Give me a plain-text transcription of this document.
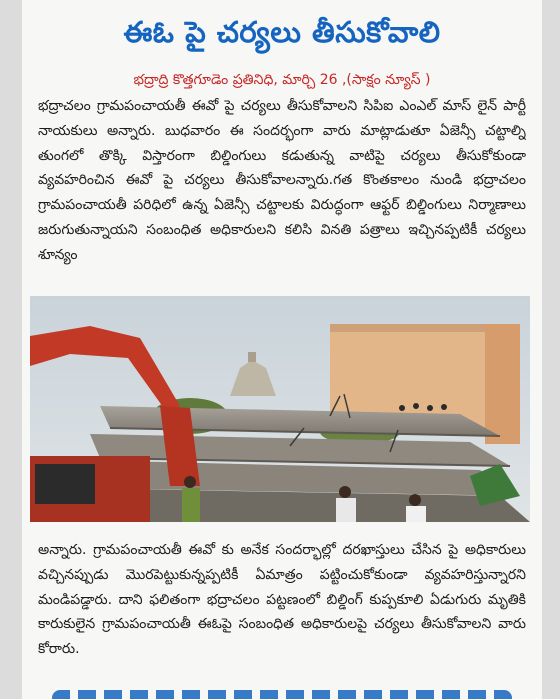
ఈఓ పై చర్యలు తీసుకోవాలి
భద్రాద్రి కొత్తగూడెం ప్రతినిధి, మార్చి 26 ,(సాక్షం న్యూస్ )

భద్రాచలం గ్రామపంచాయతీ ఈవో పై చర్యలు తీసుకోవాలని సిపిఐ ఎంఎల్ మాస్ లైన్ పార్టీ నాయకులు అన్నారు. బుధవారం ఈ సందర్భంగా వారు మాట్లాడుతూ ఏజెన్సీ చట్టాల్ని తుంగలో తొక్కి విస్తారంగా బిల్డింగులు కడుతున్న వాటిపై చర్యలు తీసుకోకుండా వ్యవహరించిన ఈవో పై చర్యలు తీసుకోవాలన్నారు.గత కొంతకాలం నుండి భద్రాచలం గ్రామపంచాయతీ పరిధిలో ఉన్న ఏజెన్సీ చట్టాలకు విరుద్ధంగా ఆఫ్టర్ బిల్డింగులు నిర్మాణాలు జరుగుతున్నాయని సంబంధిత అధికారులని కలిసి వినతి పత్రాలు ఇచ్చినప్పటికీ చర్యలు శూన్యం

అన్నారు. గ్రామపంచాయతీ ఈవో కు అనేక సందర్భాల్లో దరఖాస్తులు చేసిన పై అధికారులు వచ్చినప్పుడు మొరపెట్టుకున్నప్పటికీ ఏమాత్రం పట్టించుకోకుండా వ్యవహరిస్తున్నారని మండిపడ్డారు. దాని ఫలితంగా భద్రాచలం పట్టణంలో బిల్డింగ్ కుప్పకూలి ఏడుగురు మృతికి కారుకులైన గ్రామపంచాయతీ ఈఓపై సంబంధిత అధికారులపై చర్యలు తీసుకోవాలని వారు కోరారు.
